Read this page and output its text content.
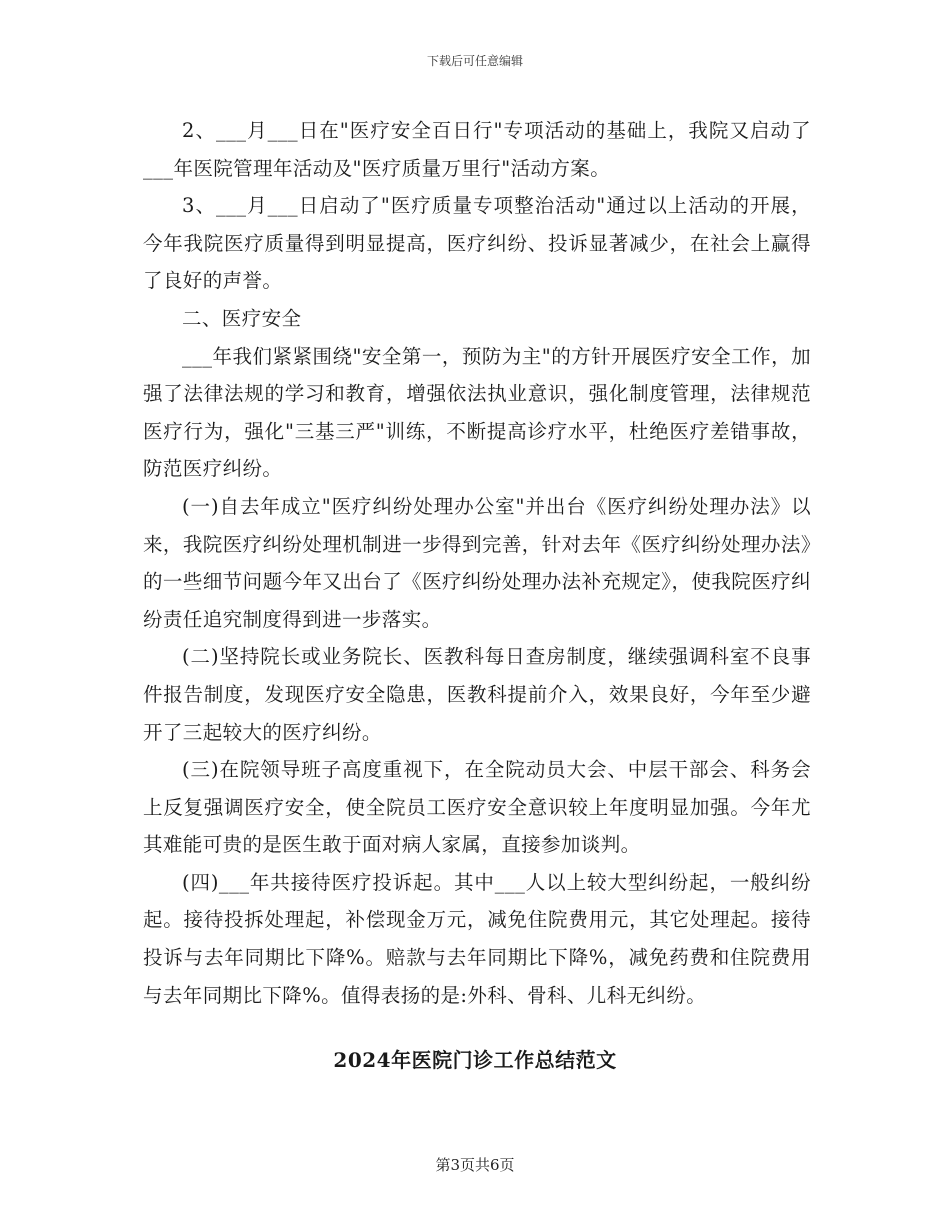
下载后可任意编辑

2、___月___日在"医疗安全百日行"专项活动的基础上，我院又启动了___年医院管理年活动及"医疗质量万里行"活动方案。

3、___月___日启动了"医疗质量专项整治活动"通过以上活动的开展，今年我院医疗质量得到明显提高，医疗纠纷、投诉显著减少，在社会上赢得了良好的声誉。

二、医疗安全

___年我们紧紧围绕"安全第一，预防为主"的方针开展医疗安全工作，加强了法律法规的学习和教育，增强依法执业意识，强化制度管理，法律规范医疗行为，强化"三基三严"训练，不断提高诊疗水平，杜绝医疗差错事故，防范医疗纠纷。

(一)自去年成立"医疗纠纷处理办公室"并出台《医疗纠纷处理办法》以来，我院医疗纠纷处理机制进一步得到完善，针对去年《医疗纠纷处理办法》的一些细节问题今年又出台了《医疗纠纷处理办法补充规定》，使我院医疗纠纷责任追究制度得到进一步落实。

(二)坚持院长或业务院长、医教科每日查房制度，继续强调科室不良事件报告制度，发现医疗安全隐患，医教科提前介入，效果良好，今年至少避开了三起较大的医疗纠纷。

(三)在院领导班子高度重视下，在全院动员大会、中层干部会、科务会上反复强调医疗安全，使全院员工医疗安全意识较上年度明显加强。今年尤其难能可贵的是医生敢于面对病人家属，直接参加谈判。

(四)___年共接待医疗投诉起。其中___人以上较大型纠纷起，一般纠纷起。接待投拆处理起，补偿现金万元，减免住院费用元，其它处理起。接待投诉与去年同期比下降%。赔款与去年同期比下降%，减免药费和住院费用与去年同期比下降%。值得表扬的是:外科、骨科、儿科无纠纷。

2024年医院门诊工作总结范文
第3页共6页
